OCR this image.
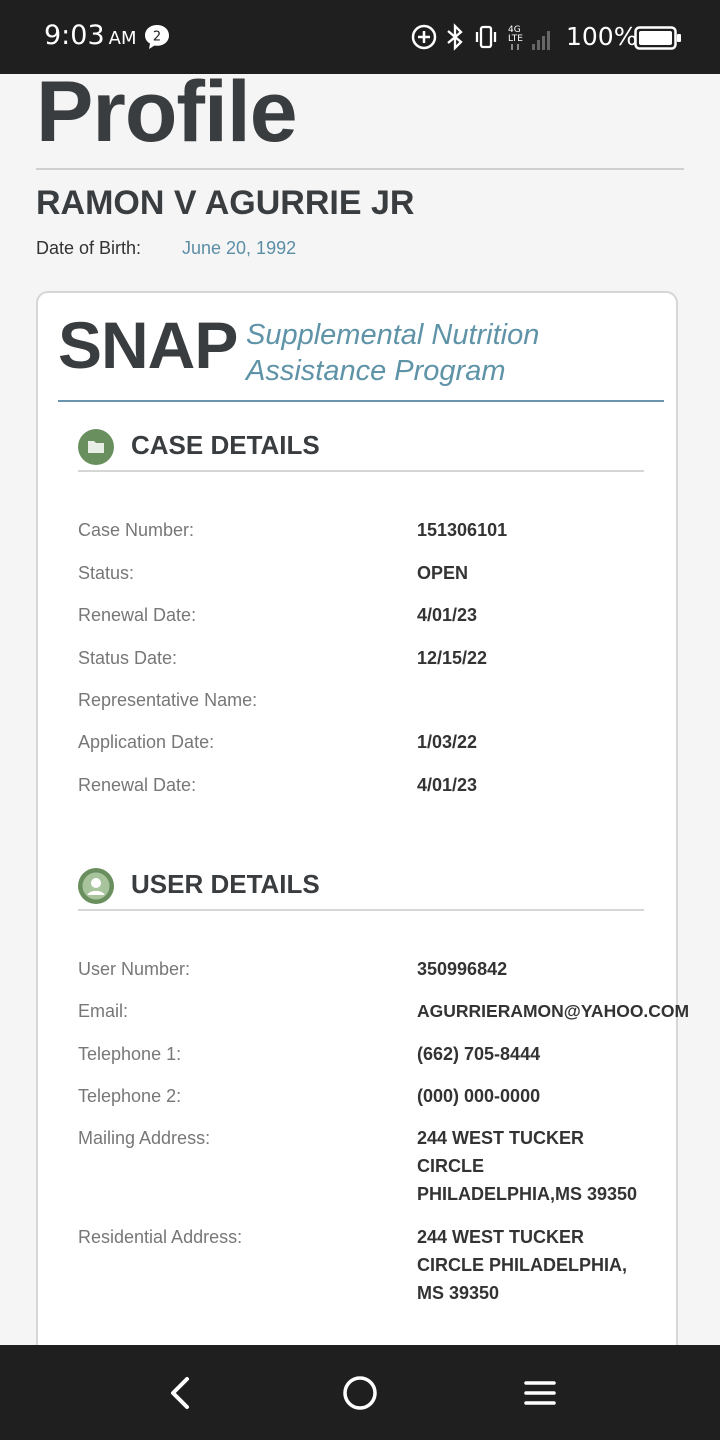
9:03 AM 2	4G
LTE 100%
Profile
RAMON V AGURRIE JR
Date of Birth: June 20, 1992
SNAP Supplemental Nutrition
Assistance Program
CASE DETAILS
Case Number:	151306101
Status:	OPEN
Renewal Date:	4/01/23
Status Date:	12/15/22
Representative Name:
Application Date:	1/03/22
Renewal Date:	4/01/23
USER DETAILS
User Number:	350996842
Email:	AGURRIERAMON@YAHOO.COM
Telephone 1:	(662) 705-8444
Telephone 2:	(000) 000-0000
Mailing Address:	244 WEST TUCKER
CIRCLE
PHILADELPHIA,MS 39350
Residential Address:	244 WEST TUCKER
CIRCLE PHILADELPHIA,
MS 39350
